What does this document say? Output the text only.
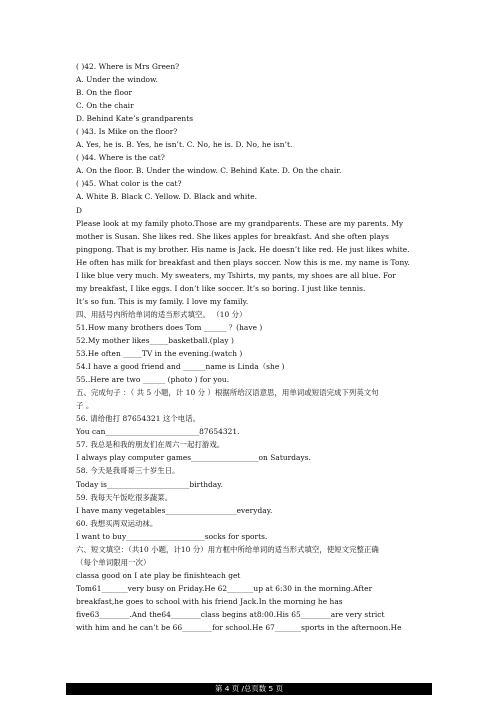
( )42. Where is Mrs Green?
A. Under the window.
B. On the floor
C. On the chair
D. Behind Kate’s grandparents
( )43. Is Mike on the floor?
A. Yes, he is. B. Yes, he isn’t. C. No, he is. D. No, he isn’t.
( )44. Where is the cat?
A. On the floor. B. Under the window. C. Behind Kate. D. On the chair.
( )45. What color is the cat?
A. White B. Black C. Yellow. D. Black and white.
D
Please look at my family photo.Those are my grandparents. These are my parents. My
mother is Susan. She likes red. She likes apples for breakfast. And she often plays
pingpong. That is my brother. His name is Jack. He doesn’t like red. He just likes white.
He often has milk for breakfast and then plays soccer. Now this is me. my name is Tony.
I like blue very much. My sweaters, my Tshirts, my pants, my shoes are all blue. For
my breakfast, I like eggs. I don’t like soccer. It’s so boring. I just like tennis.
It’s so fun. This is my family. I love my family.
四、用括号内所给单词的适当形式填空。 （10 分）
51.How many brothers does Tom ______ ？(have )
52.My mother likes_____basketball.(play )
53.He often _____TV in the evening.(watch )
54.I have a good friend and ______name is Linda（she )
55..Here are two ______ (photo ) for you.
五、完成句子 ：（ 共 5 小题，计 10 分 ）根据所给汉语意思，用单词或短语完成下列英文句
子 。
56. 请给他打 87654321 这个电话。
You can_________________________87654321.
57. 我总是和我的朋友们在周六一起打游戏。
I always play computer games__________________on Saturdays.
58. 今天是我哥哥三十岁生日。
Today is______________________birthday.
59. 我每天午饭吃很多蔬菜。
I have many vegetables___________________everyday.
60. 我想买两双运动袜。
I want to buy_____________________socks for sports.
六、短文填空：（共10 小题，计10 分）用方框中所给单词的适当形式填空，使短文完整正确
（每个单词限用一次）
classa good on I ate play be finishteach get
Tom61_______very busy on Friday.He 62_______up at 6:30 in the morning.After
breakfast,he goes to school with his friend Jack.In the morning he has
five63________.And the64________class begins at8:00.His 65________are very strict
with him and he can’t be 66________for school.He 67_______sports in the afternoon.He
第 4 页 /总页数 5 页
